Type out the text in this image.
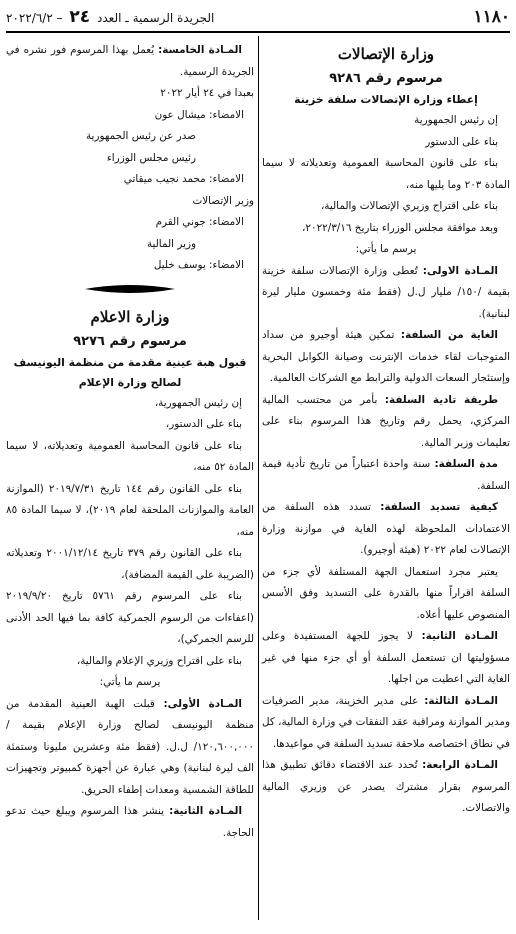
١١٨٠
الجريدة الرسمية ـ العدد ٢٤ – ٢٠٢٢/٦/٢
وزارة الإتصالات
مرسوم رقم ٩٢٨٦
إعطاء وزارة الإتصالات سلفة خزينة

إن رئيس الجمهورية

بناء على الدستور

بناء على قانون المحاسبة العمومية وتعديلاته لا سيما المادة ٢٠٣ وما يليها منه،

بناء على اقتراح وزيري الإتصالات والمالية،

وبعد موافقة مجلس الوزراء بتاريخ ٢٠٢٢/٣/١٦،

يرسم ما يأتي:

المـادة الاولى: تُعطى وزارة الإتصالات سلفة خزينة بقيمة /١٥٠/ مليار ل.ل (فقط مئة وخمسون مليار ليرة لبنانية).

الغاية من السلفة: تمكين هيئة أوجيرو من سداد المتوجبات لقاء خدمات الإنترنت وصيانة الكوابل البحرية وإستئجار السعات الدولية والترابط مع الشركات العالمية.

طريقة تادية السلفة: بأمر من محتسب المالية المركزي، يحمل رقم وتاريخ هذا المرسوم بناء على تعليمات وزير المالية.

مدة السلفة: سنة واحدة اعتباراً من تاريخ تأدية قيمة السلفة.

كيفية تسديد السلفة: تسدد هذه السلفة من الاعتمادات الملحوظة لهذه الغاية في موازنة وزارة الإتصالات لعام ٢٠٢٢ (هيئة أوجيرو).

يعتبر مجرد استعمال الجهة المستلفة لأي جزء من السلفة اقراراً منها بالقدرة على التسديد وفق الأسس المنصوص عليها أعلاه.

المـادة الثانية: لا يجوز للجهة المستفيدة وعلى مسؤوليتها ان تستعمل السلفة أو أي جزء منها في غير الغاية التي اعطيت من اجلها.

المـادة الثالثة: على مدير الخزينة، مدير الصرفيات ومدير الموازنة ومراقبة عقد النفقات في وزارة المالية، كل في نطاق اختصاصه ملاحقة تسديد السلفة في مواعيدها.

المـادة الرابعة: تُحدد عند الاقتضاء دقائق تطبيق هذا المرسوم بقرار مشترك يصدر عن وزيري المالية والاتصالات.

المـادة الخامسة: يُعمل بهذا المرسوم فور نشره في الجريدة الرسمية.

بعبدا في ٢٤ أيار ٢٠٢٢

الامضاء: ميشال عون

صدر عن رئيس الجمهورية

رئيس مجلس الوزراء

الامضاء: محمد نجيب ميقاتي

وزير الإتصالات

الامضاء: جوني القرم

وزير المالية

الامضاء: يوسف خليل

وزارة الاعلام
مرسوم رقم ٩٢٧٦
قبول هبة عينية مقدمة من منظمة اليونيسف لصالح وزارة الإعلام

إن رئيس الجمهورية،

بناء على الدستور،

بناء على قانون المحاسبة العمومية وتعديلاته، لا سيما المادة ٥٢ منه،

بناء على القانون رقم ١٤٤ تاريخ ٢٠١٩/٧/٣١ (الموازنة العامة والموازنات الملحقة لعام ٢٠١٩)، لا سيما المادة ٨٥ منه،

بناء على القانون رقم ٣٧٩ تاريخ ٢٠٠١/١٢/١٤ وتعديلاته (الضريبة على القيمة المضافة)،

بناء على المرسوم رقم ٥٧٦١ تاريخ ٢٠١٩/٩/٢٠ (اعفاءات من الرسوم الجمركية كافة بما فيها الحد الأدنى للرسم الجمركي)،

بناء على اقتراح وزيري الإعلام والمالية،

يرسم ما يأتي:

المـادة الأولى: قبلت الهبة العينية المقدمة من منظمة اليونيسف لصالح وزارة الإعلام بقيمة /١٢٠,٦٠٠,٠٠٠/ ل.ل. (فقط مئة وعشرين مليونا وستمئة الف ليرة لبنانية) وهي عبارة عن أجهزة كمبيوتر وتجهيزات للطاقة الشمسية ومعدات إطفاء الحريق.

المـادة الثانية: ينشر هذا المرسوم ويبلغ حيث تدعو الحاجة.
